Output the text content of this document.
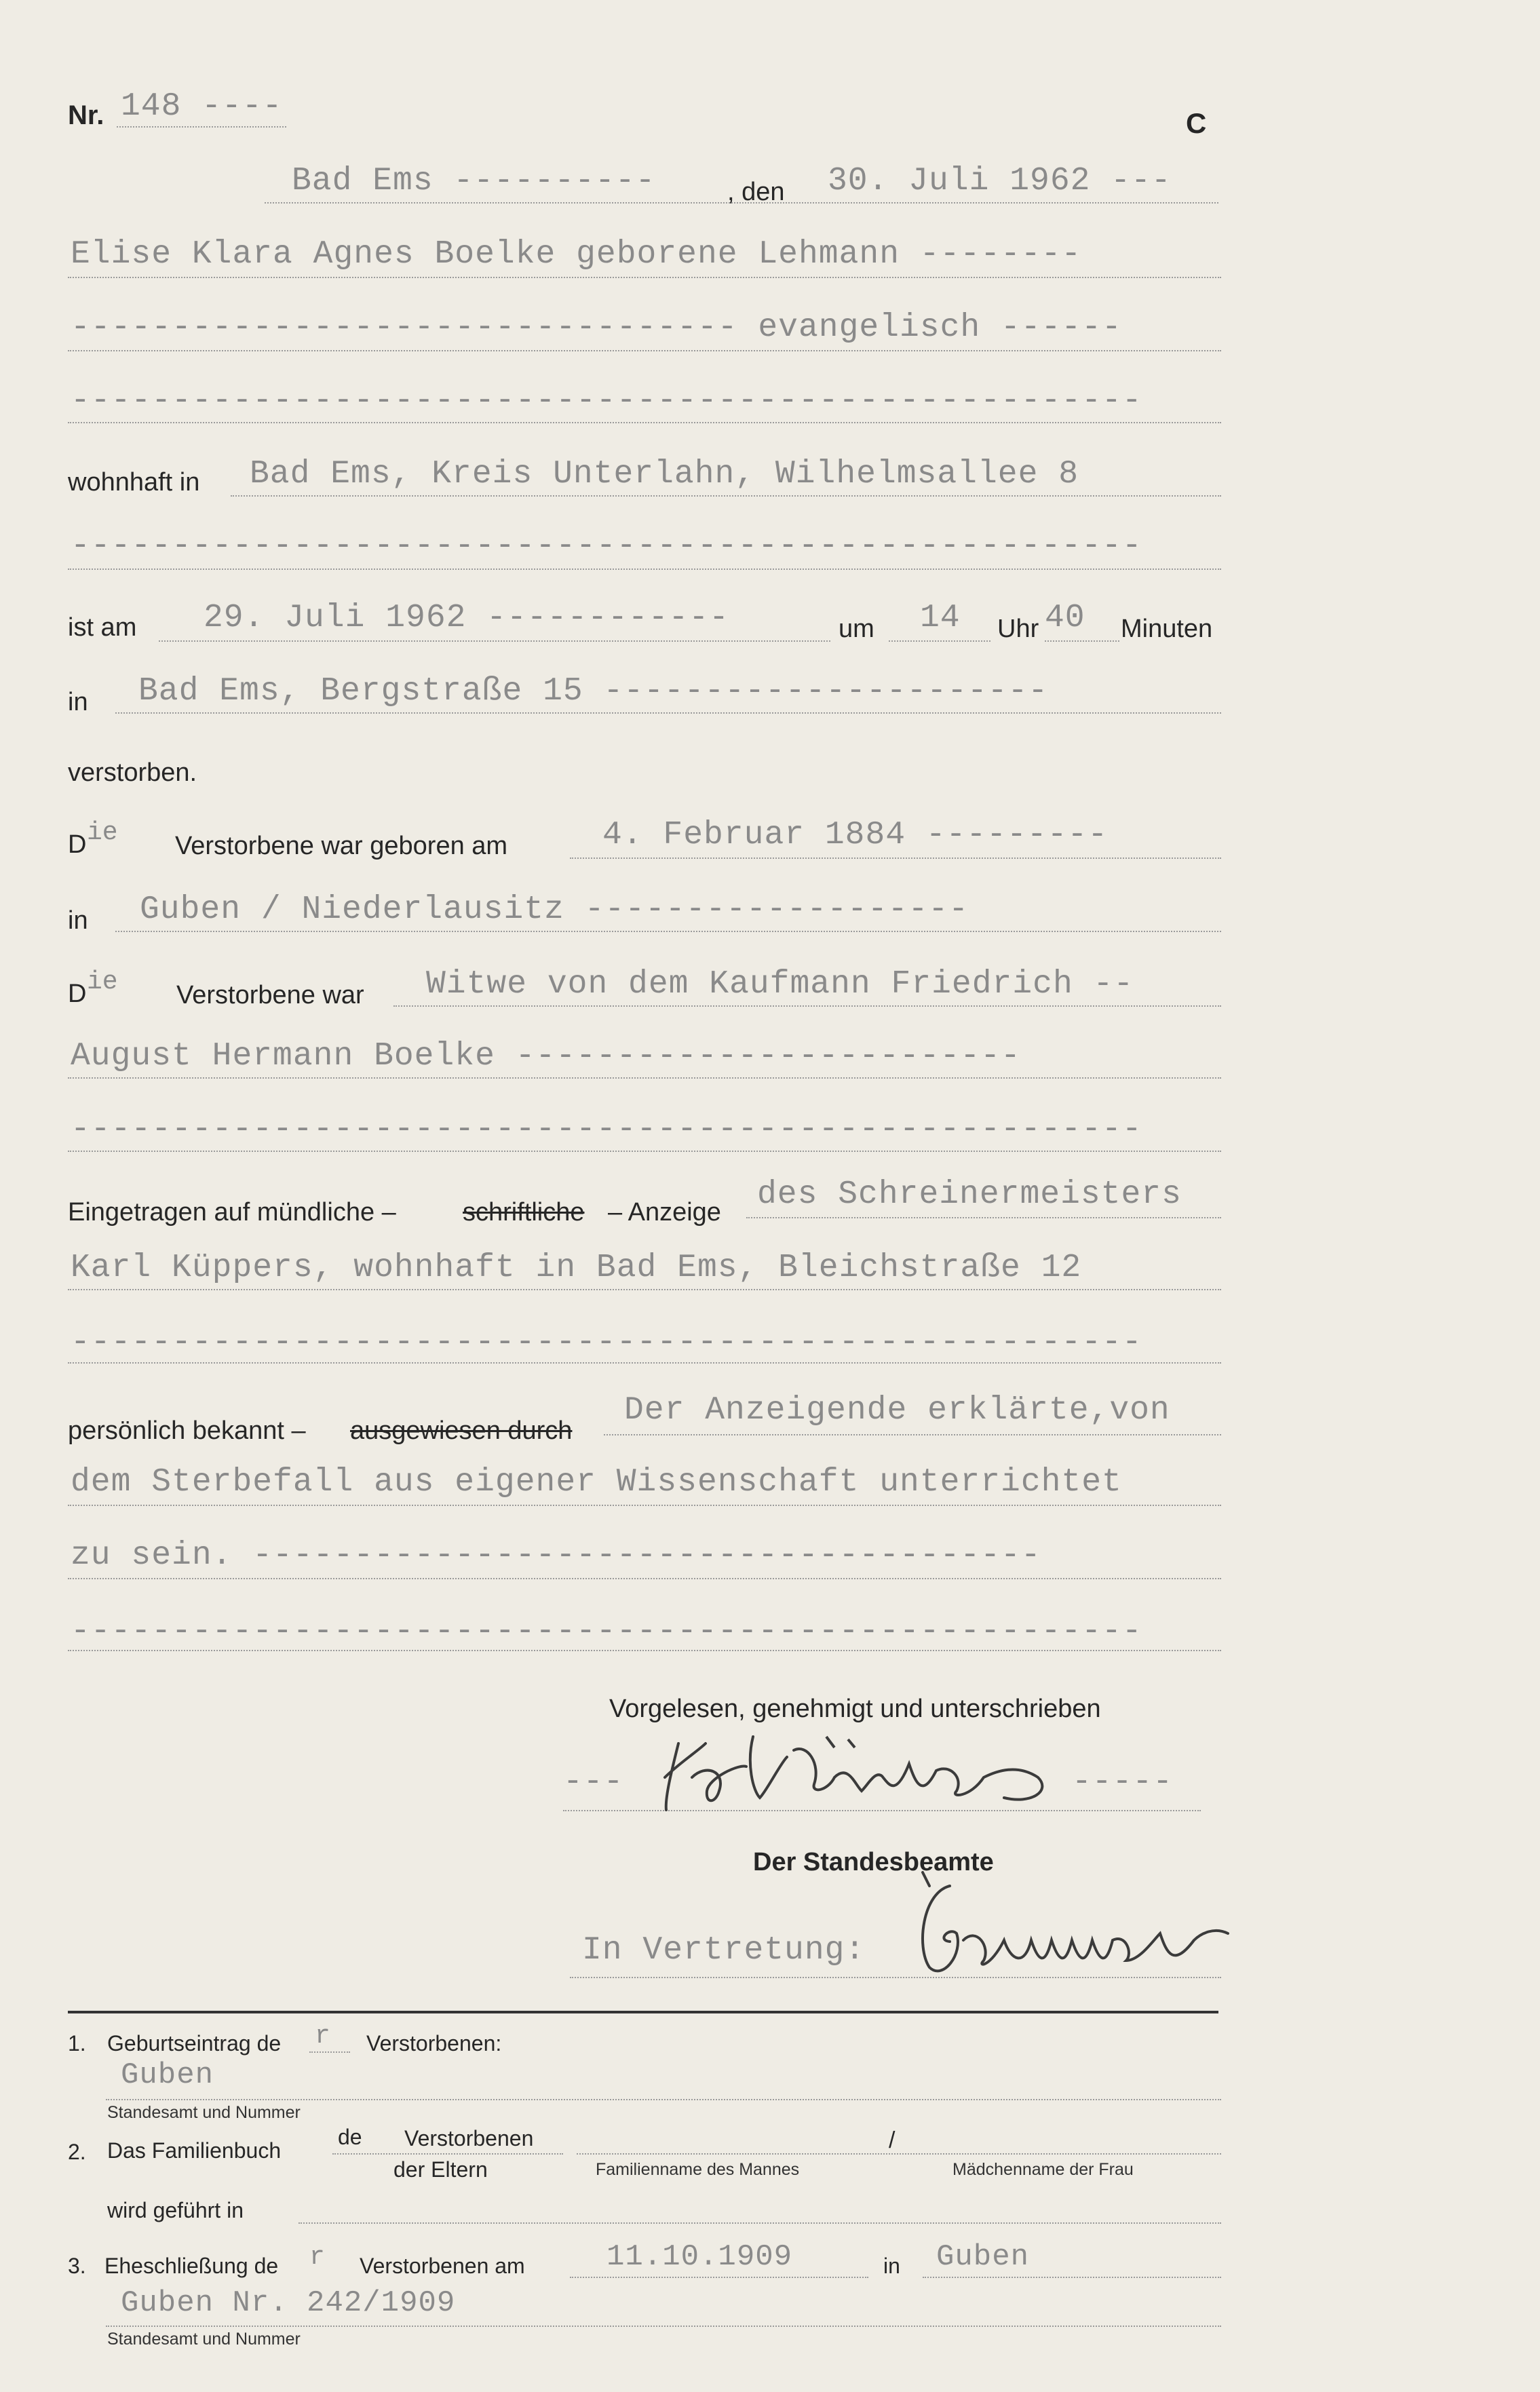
Nr. 148 ----	C
Bad Ems ----------	, den 30. Juli 1962 ---
Elise Klara Agnes Boelke geborene Lehmann --------
--------------------------------- evangelisch ------
-----------------------------------------------------
wohnhaft in Bad Ems, Kreis Unterlahn, Wilhelmsallee 8
-----------------------------------------------------
ist am 29. Juli 1962 ------------	um 14 Uhr 40 Minuten
in Bad Ems, Bergstraße 15 ----------------------
verstorben.
D ie Verstorbene war geboren am	4. Februar 1884 ---------
in Guben / Niederlausitz -------------------
D ie Verstorbene war Witwe von dem Kaufmann Friedrich --
August Hermann Boelke -------------------------
-----------------------------------------------------
Eingetragen auf mündliche –	schriftliche – Anzeige des Schreinermeisters
Karl Küppers, wohnhaft in Bad Ems, Bleichstraße 12
-----------------------------------------------------
persönlich bekannt – ausgewiesen durch
Der Anzeigende erklärte,von
dem Sterbefall aus eigener Wissenschaft unterrichtet
zu sein. ---------------------------------------
-----------------------------------------------------
Vorgelesen, genehmigt und unterschrieben
---	-----
Der Standesbeamte
In Vertretung:
1. Geburtseintrag de r Verstorbenen:
Guben
Standesamt und Nummer
2. Das Familienbuch
de Verstorbenen
der Eltern
/
Familienname des Mannes	Mädchenname der Frau
wird geführt in
3. Eheschließung de r Verstorbenen am	11.10.1909	in Guben
Guben Nr. 242/1909
Standesamt und Nummer
